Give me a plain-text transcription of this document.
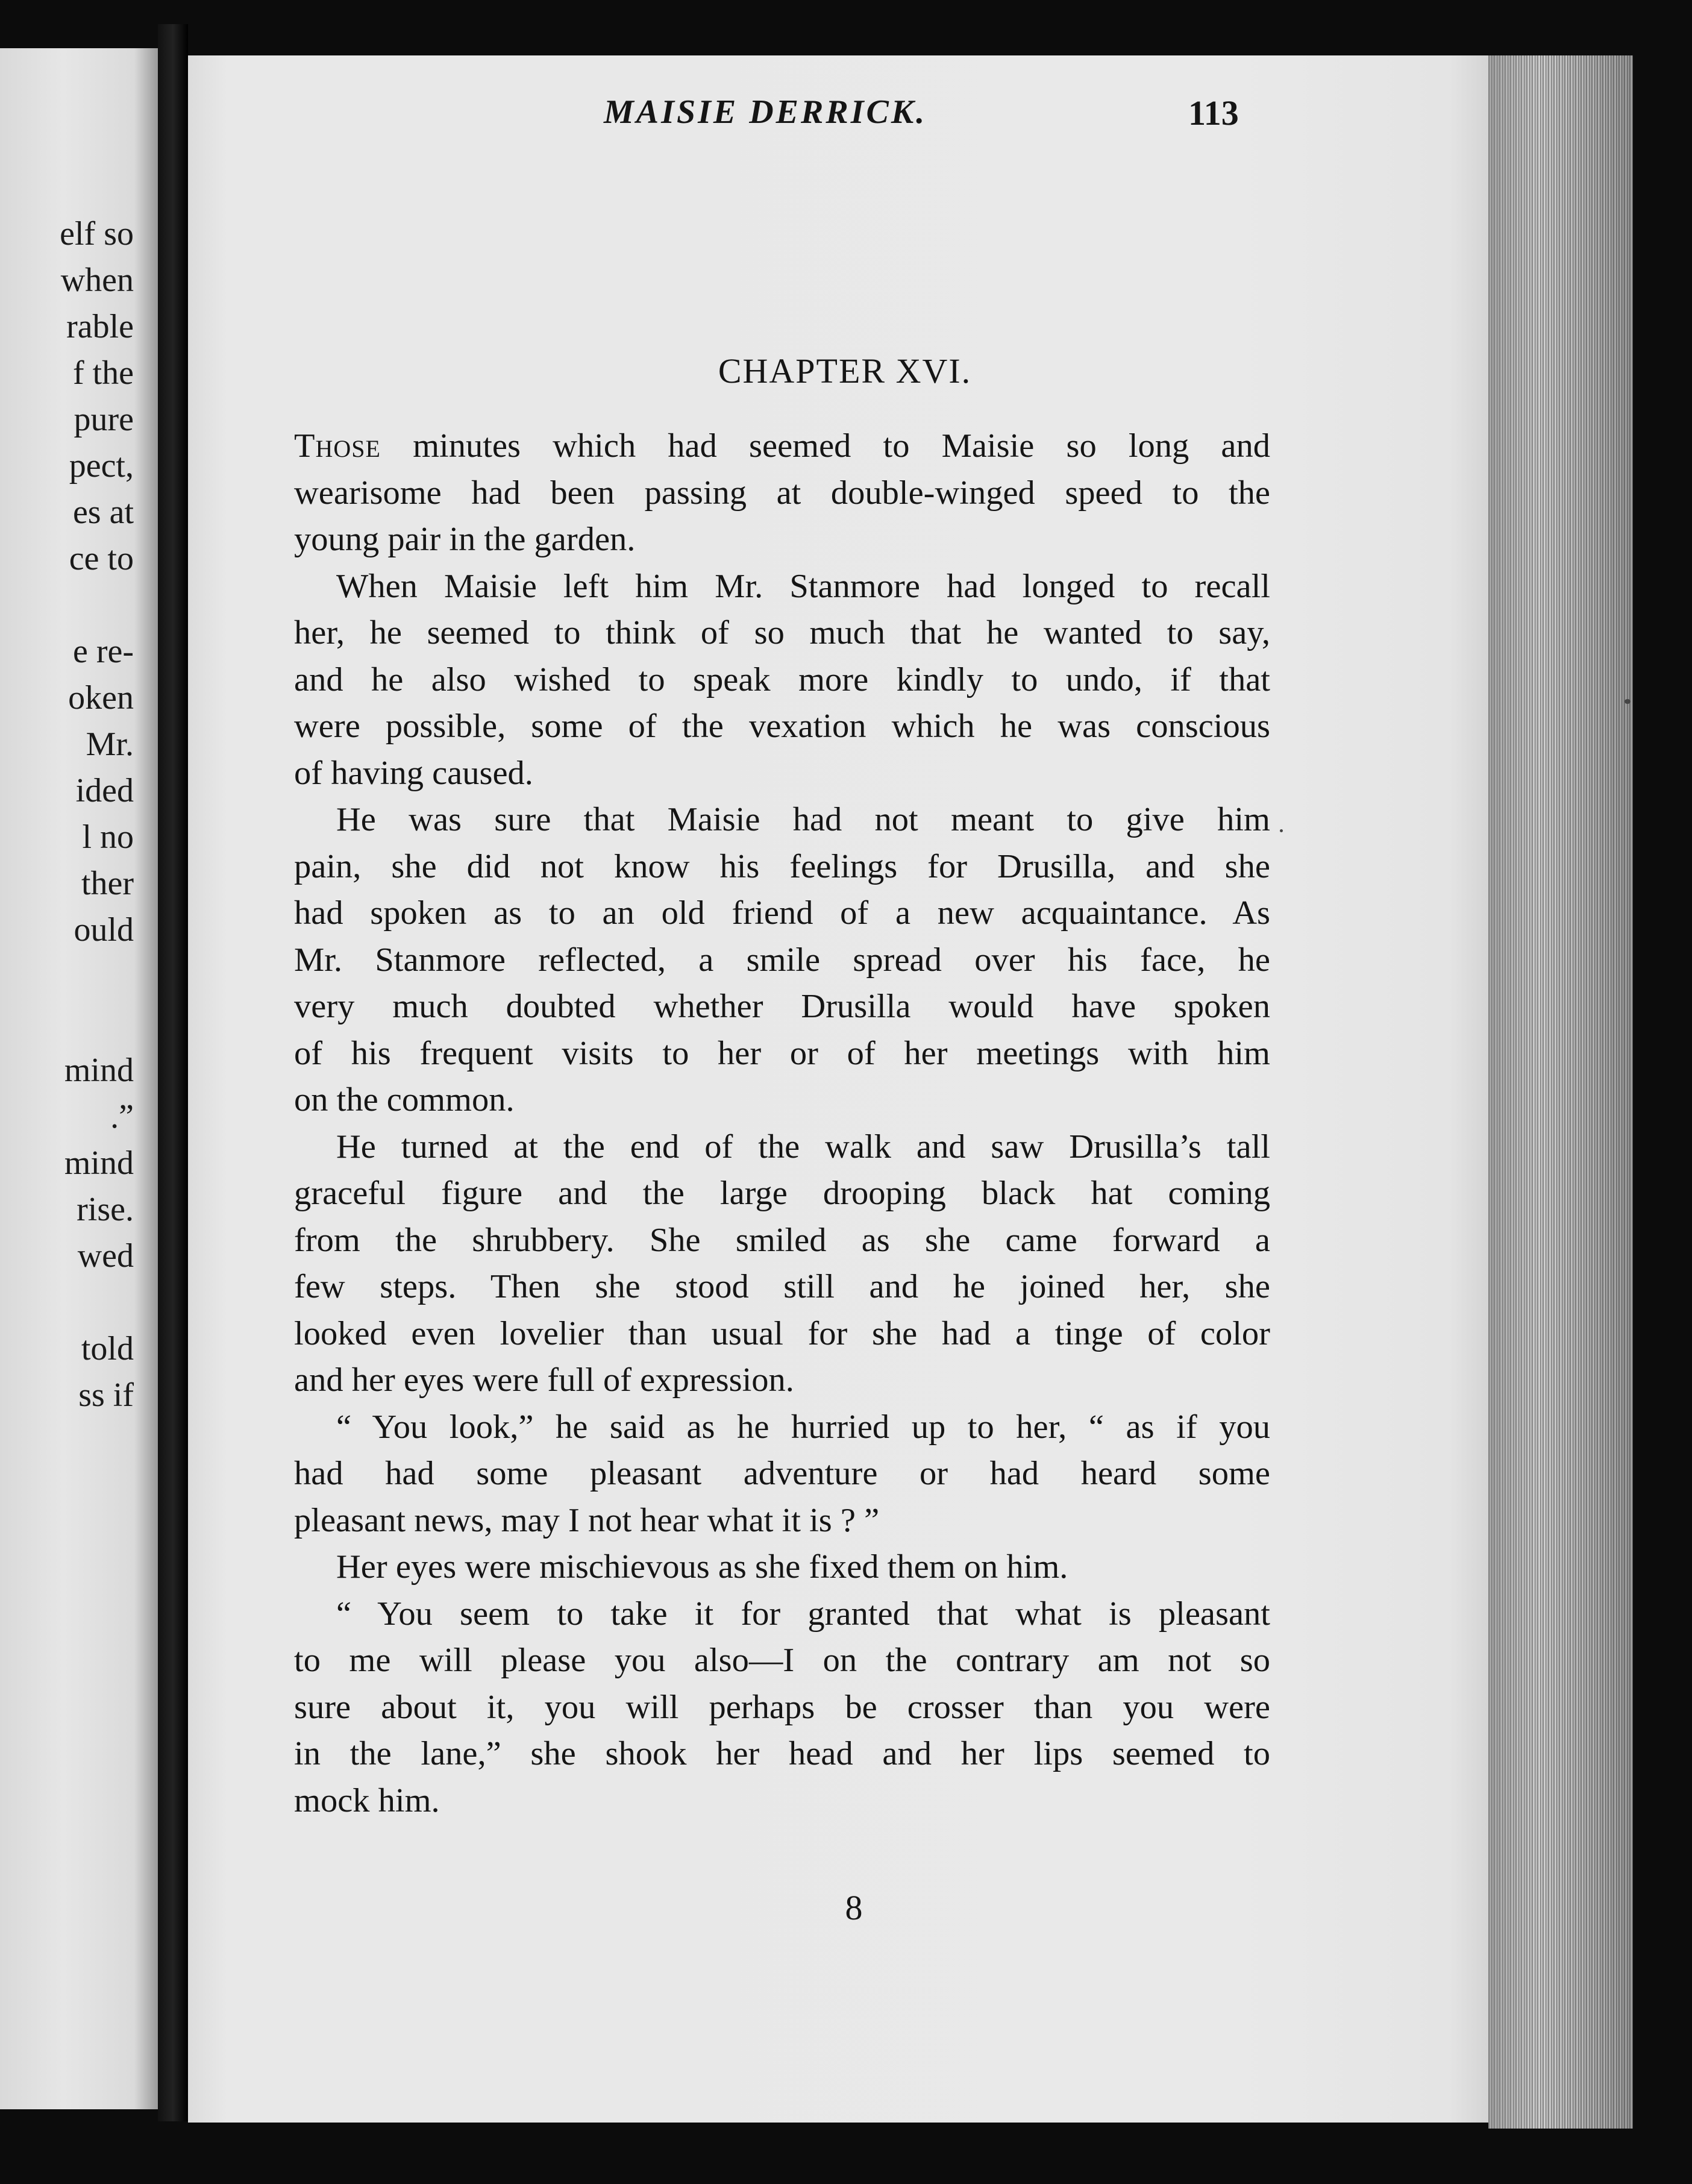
elf so
when
rable
f the
pure
pect,
es at
ce to
e re-
oken
Mr.
ided
l no
ther
ould
mind
.”
mind
rise.
wed
told
ss if
MAISIE DERRICK.	113
CHAPTER XVI.
Those minutes which had seemed to Maisie so long and
wearisome had been passing at double-winged speed to the
young pair in the garden.
When Maisie left him Mr. Stanmore had longed to recall
her, he seemed to think of so much that he wanted to say,
and he also wished to speak more kindly to undo, if that
were possible, some of the vexation which he was conscious
of having caused.
He was sure that Maisie had not meant to give him
pain, she did not know his feelings for Drusilla, and she
had spoken as to an old friend of a new acquaintance. As
Mr. Stanmore reflected, a smile spread over his face, he
very much doubted whether Drusilla would have spoken
of his frequent visits to her or of her meetings with him
on the common.
He turned at the end of the walk and saw Drusilla’s tall
graceful figure and the large drooping black hat coming
from the shrubbery. She smiled as she came forward a
few steps. Then she stood still and he joined her, she
looked even lovelier than usual for she had a tinge of color
and her eyes were full of expression.
“ You look,” he said as he hurried up to her, “ as if you
had had some pleasant adventure or had heard some
pleasant news, may I not hear what it is ? ”
Her eyes were mischievous as she fixed them on him.
“ You seem to take it for granted that what is pleasant
to me will please you also—I on the contrary am not so
sure about it, you will perhaps be crosser than you were
in the lane,” she shook her head and her lips seemed to
mock him.
8
